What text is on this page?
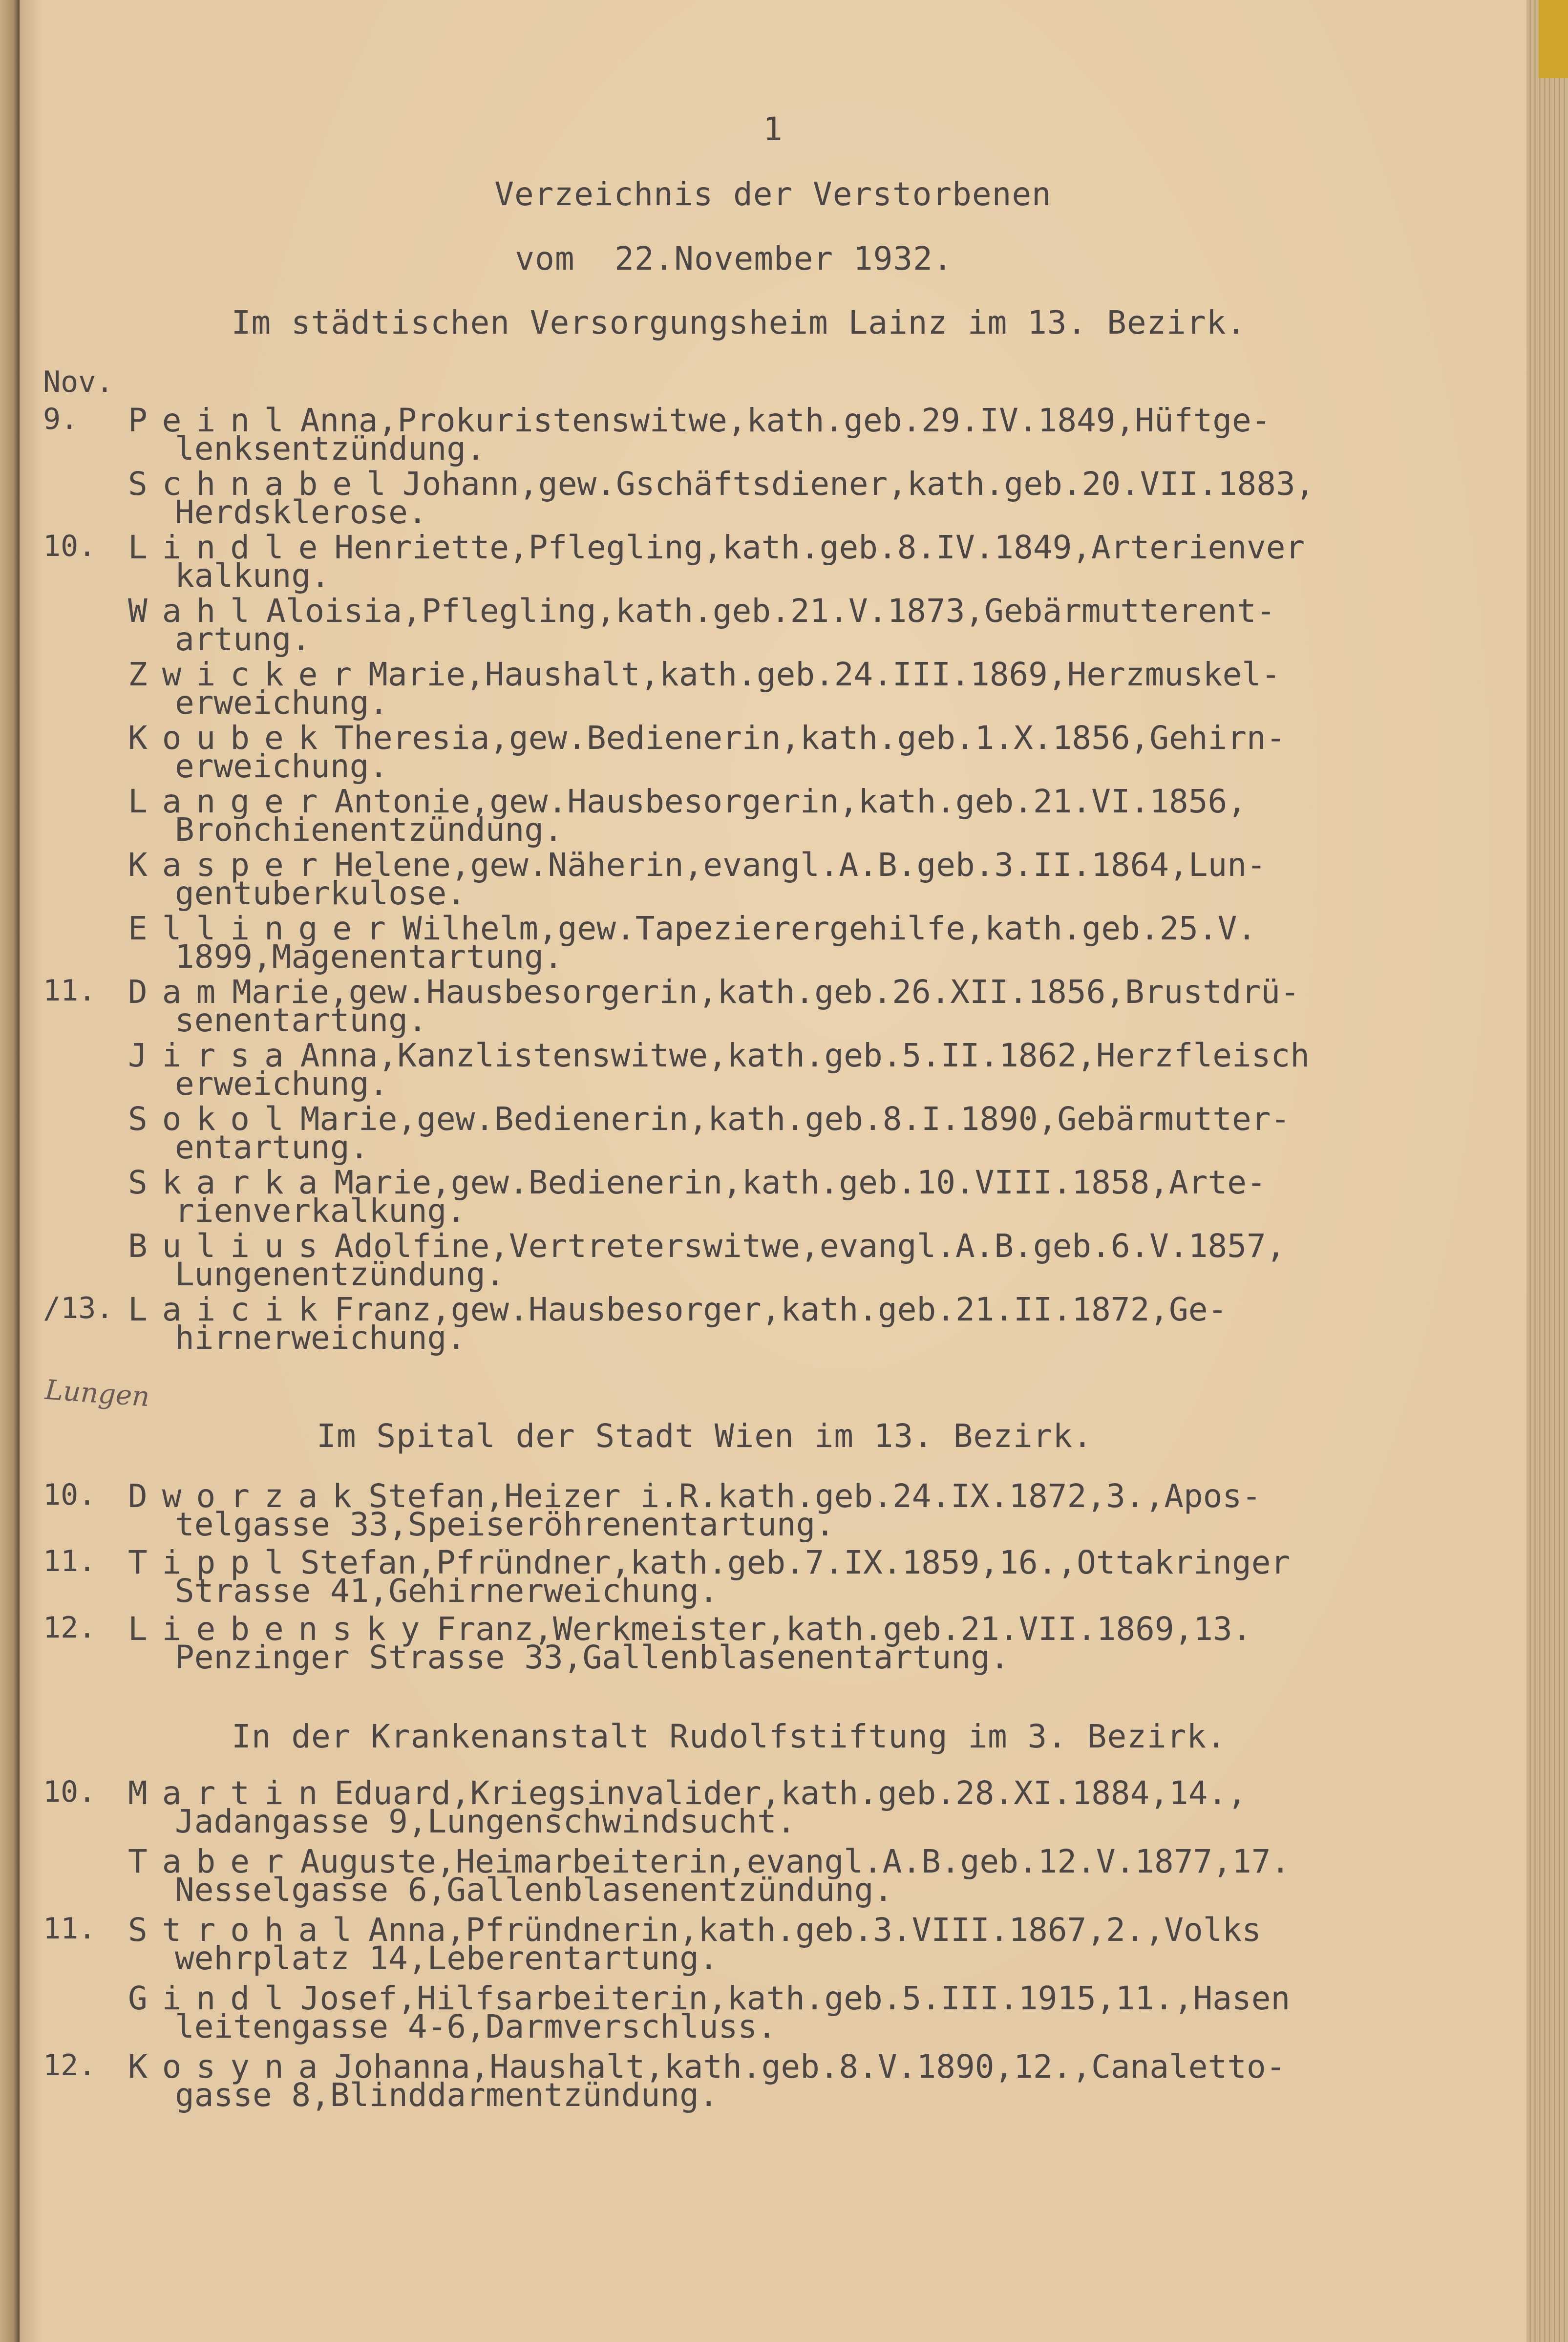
1
Verzeichnis der Verstorbenen
vom  22.November 1932.
Im städtischen Versorgungsheim Lainz im 13. Bezirk.
Nov.
9. PeinlAnna,Prokuristenswitwe,kath.geb.29.IV.1849,Hüftge-
lenksentzündung.
SchnabelJohann,gew.Gschäftsdiener,kath.geb.20.VII.1883,
Herdsklerose.
10. LindleHenriette,Pflegling,kath.geb.8.IV.1849,Arterienver
kalkung.
WahlAloisia,Pflegling,kath.geb.21.V.1873,Gebärmutterent-
artung.
ZwickerMarie,Haushalt,kath.geb.24.III.1869,Herzmuskel-
erweichung.
KoubekTheresia,gew.Bedienerin,kath.geb.1.X.1856,Gehirn-
erweichung.
LangerAntonie,gew.Hausbesorgerin,kath.geb.21.VI.1856,
Bronchienentzündung.
KasperHelene,gew.Näherin,evangl.A.B.geb.3.II.1864,Lun-
gentuberkulose.
EllingerWilhelm,gew.Tapezierergehilfe,kath.geb.25.V.
1899,Magenentartung.
11. DamMarie,gew.Hausbesorgerin,kath.geb.26.XII.1856,Brustdrü-
senentartung.
JirsaAnna,Kanzlistenswitwe,kath.geb.5.II.1862,Herzfleisch
erweichung.
SokolMarie,gew.Bedienerin,kath.geb.8.I.1890,Gebärmutter-
entartung.
SkarkaMarie,gew.Bedienerin,kath.geb.10.VIII.1858,Arte-
rienverkalkung.
BuliusAdolfine,Vertreterswitwe,evangl.A.B.geb.6.V.1857,
Lungenentzündung.
/13. LaicikFranz,gew.Hausbesorger,kath.geb.21.II.1872,Ge-
hirnerweichung.
Lungen
Im Spital der Stadt Wien im 13. Bezirk.
10. DworzakStefan,Heizer i.R.kath.geb.24.IX.1872,3.,Apos-
telgasse 33,Speiseröhrenentartung.
11. TipplStefan,Pfründner,kath.geb.7.IX.1859,16.,Ottakringer
Strasse 41,Gehirnerweichung.
12. LiebenskyFranz,Werkmeister,kath.geb.21.VII.1869,13.
Penzinger Strasse 33,Gallenblasenentartung.
In der Krankenanstalt Rudolfstiftung im 3. Bezirk.
10. MartinEduard,Kriegsinvalider,kath.geb.28.XI.1884,14.,
Jadangasse 9,Lungenschwindsucht.
TaberAuguste,Heimarbeiterin,evangl.A.B.geb.12.V.1877,17.
Nesselgasse 6,Gallenblasenentzündung.
11. StrohalAnna,Pfründnerin,kath.geb.3.VIII.1867,2.,Volks
wehrplatz 14,Leberentartung.
GindlJosef,Hilfsarbeiterin,kath.geb.5.III.1915,11.,Hasen
leitengasse 4-6,Darmverschluss.
12. KosynaJohanna,Haushalt,kath.geb.8.V.1890,12.,Canaletto-
gasse 8,Blinddarmentzündung.
